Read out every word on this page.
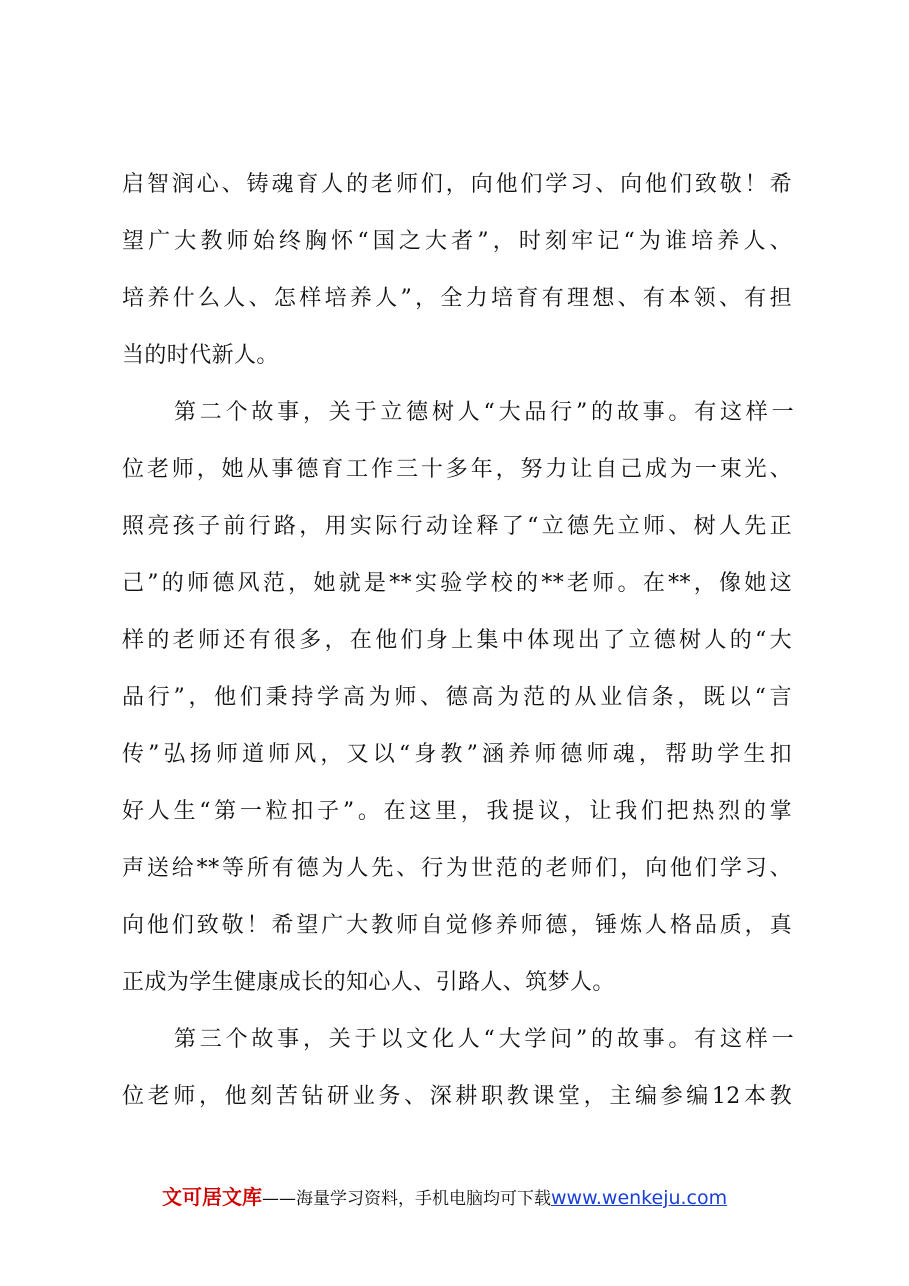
启智润心、铸魂育人的老师们，向他们学习、向他们致敬！希
望广大教师始终胸怀“国之大者”，时刻牢记“为谁培养人、
培养什么人、怎样培养人”，全力培育有理想、有本领、有担
当的时代新人。
第二个故事，关于立德树人“大品行”的故事。有这样一
位老师，她从事德育工作三十多年，努力让自己成为一束光、
照亮孩子前行路，用实际行动诠释了“立德先立师、树人先正
己”的师德风范，她就是**实验学校的**老师。在**，像她这
样的老师还有很多，在他们身上集中体现出了立德树人的“大
品行”，他们秉持学高为师、德高为范的从业信条，既以“言
传”弘扬师道师风，又以“身教”涵养师德师魂，帮助学生扣
好人生“第一粒扣子”。在这里，我提议，让我们把热烈的掌
声送给**等所有德为人先、行为世范的老师们，向他们学习、
向他们致敬！希望广大教师自觉修养师德，锤炼人格品质，真
正成为学生健康成长的知心人、引路人、筑梦人。
第三个故事，关于以文化人“大学问”的故事。有这样一
位老师，他刻苦钻研业务、深耕职教课堂，主编参编12本教
文可居文库——海量学习资料，手机电脑均可下载www.wenkeju.com
